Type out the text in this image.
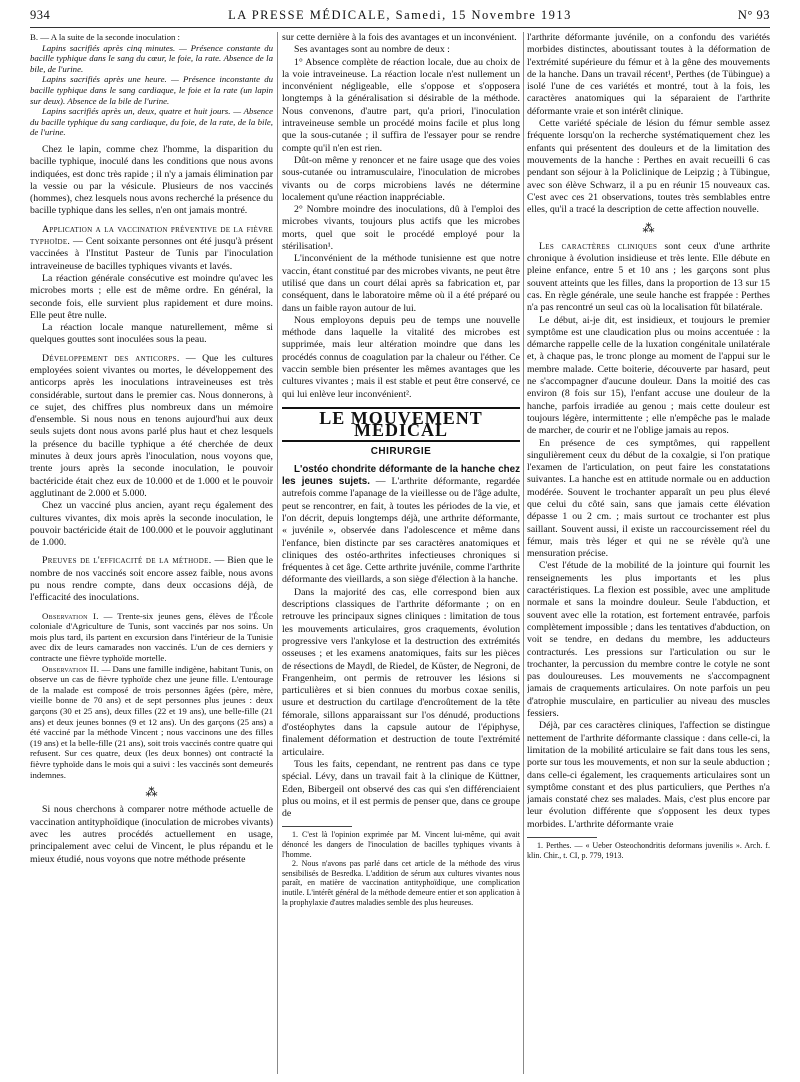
934	LA PRESSE MÉDICALE, Samedi, 15 Novembre 1913	N° 93

B. — A la suite de la seconde inoculation :

Lapins sacrifiés après cinq minutes. — Présence constante du bacille typhique dans le sang du cœur, le foie, la rate. Absence de la bile, de l'urine.

Lapins sacrifiés après une heure. — Présence inconstante du bacille typhique dans le sang cardiaque, le foie et la rate (un lapin sur deux). Absence de la bile de l'urine.

Lapins sacrifiés après un, deux, quatre et huit jours. — Absence du bacille typhique du sang cardiaque, du foie, de la rate, de la bile, de l'urine.

Chez le lapin, comme chez l'homme, la disparition du bacille typhique, inoculé dans les conditions que nous avons indiquées, est donc très rapide ; il n'y a jamais élimination par la vessie ou par la vésicule. Plusieurs de nos vaccinés (hommes), chez lesquels nous avons recherché la présence du bacille typhique dans les selles, n'en ont jamais montré.

Application a la vaccination préventive de la fièvre typhoïde. — Cent soixante personnes ont été jusqu'à présent vaccinées à l'Institut Pasteur de Tunis par l'inoculation intraveineuse de bacilles typhiques vivants et lavés.

La réaction générale consécutive est moindre qu'avec les microbes morts ; elle est de même ordre. En général, la seconde fois, elle survient plus rapidement et dure moins. Elle peut être nulle.

La réaction locale manque naturellement, même si quelques gouttes sont inoculées sous la peau.

Développement des anticorps. — Que les cultures employées soient vivantes ou mortes, le développement des anticorps après les inoculations intraveineuses est très considérable, surtout dans le premier cas. Nous donnerons, à ce sujet, des chiffres plus nombreux dans un mémoire d'ensemble. Si nous nous en tenons aujourd'hui aux deux seuls sujets dont nous avons parlé plus haut et chez lesquels la présence du bacille typhique a été cherchée de deux minutes à deux jours après l'inoculation, nous voyons que, trente jours après la seconde inoculation, le pouvoir bactéricide était chez eux de 10.000 et de 1.000 et le pouvoir agglutinant de 2.000 et 5.000.

Chez un vacciné plus ancien, ayant reçu également des cultures vivantes, dix mois après la seconde inoculation, le pouvoir bactéricide était de 100.000 et le pouvoir agglutinant de 1.000.

Preuves de l'efficacité de la méthode. — Bien que le nombre de nos vaccinés soit encore assez faible, nous avons pu nous rendre compte, dans deux occasions déjà, de l'efficacité des inoculations.

Observation I. — Trente-six jeunes gens, élèves de l'École coloniale d'Agriculture de Tunis, sont vaccinés par nos soins. Un mois plus tard, ils partent en excursion dans l'intérieur de la Tunisie avec dix de leurs camarades non vaccinés. L'un de ces derniers y contracte une fièvre typhoïde mortelle.

Observation II. — Dans une famille indigène, habitant Tunis, on observe un cas de fièvre typhoïde chez une jeune fille. L'entourage de la malade est composé de trois personnes âgées (père, mère, vieille bonne de 70 ans) et de sept personnes plus jeunes : deux garçons (30 et 25 ans), deux filles (22 et 19 ans), une belle-fille (21 ans) et deux jeunes bonnes (9 et 12 ans). Un des garçons (25 ans) a été vacciné par la méthode Vincent ; nous vaccinons une des filles (19 ans) et la belle-fille (21 ans), soit trois vaccinés contre quatre qui refusent. Sur ces quatre, deux (les deux bonnes) ont contracté la fièvre typhoïde dans le mois qui a suivi : les vaccinés sont demeurés indemnes.

⁂

Si nous cherchons à comparer notre méthode actuelle de vaccination antityphoïdique (inoculation de microbes vivants) avec les autres procédés actuellement en usage, principalement avec celui de Vincent, le plus répandu et le mieux étudié, nous voyons que notre méthode présente

sur cette dernière à la fois des avantages et un inconvénient.

Ses avantages sont au nombre de deux :

1° Absence complète de réaction locale, due au choix de la voie intraveineuse. La réaction locale n'est nullement un inconvénient négligeable, elle s'oppose et s'opposera longtemps à la généralisation si désirable de la méthode. Nous convenons, d'autre part, qu'a priori, l'inoculation intraveineuse semble un procédé moins facile et plus long que la sous-cutanée ; il suffira de l'essayer pour se rendre compte qu'il n'en est rien.

Dût-on même y renoncer et ne faire usage que des voies sous-cutanée ou intramusculaire, l'inoculation de microbes vivants ou de corps microbiens lavés ne détermine localement qu'une réaction inappréciable.

2° Nombre moindre des inoculations, dû à l'emploi des microbes vivants, toujours plus actifs que les microbes morts, quel que soit le procédé employé pour la stérilisation¹.

L'inconvénient de la méthode tunisienne est que notre vaccin, étant constitué par des microbes vivants, ne peut être utilisé que dans un court délai après sa fabrication et, par conséquent, dans le laboratoire même où il a été préparé ou dans un faible rayon autour de lui.

Nous employons depuis peu de temps une nouvelle méthode dans laquelle la vitalité des microbes est supprimée, mais leur altération moindre que dans les procédés connus de coagulation par la chaleur ou l'éther. Ce vaccin semble bien présenter les mêmes avantages que les cultures vivantes ; mais il est stable et peut être conservé, ce qui lui enlève leur inconvénient².

LE MOUVEMENT MÉDICAL
CHIRURGIE

L'ostéo chondrite déformante de la hanche chez les jeunes sujets. — L'arthrite déformante, regardée autrefois comme l'apanage de la vieillesse ou de l'âge adulte, peut se rencontrer, en fait, à toutes les périodes de la vie, et l'on décrit, depuis longtemps déjà, une arthrite déformante, « juvénile », observée dans l'adolescence et même dans l'enfance, bien distincte par ses caractères anatomiques et cliniques des ostéo-arthrites infectieuses chroniques si fréquentes à cet âge. Cette arthrite juvénile, comme l'arthrite déformante des vieillards, a son siège d'élection à la hanche.

Dans la majorité des cas, elle correspond bien aux descriptions classiques de l'arthrite déformante ; on en retrouve les principaux signes cliniques : limitation de tous les mouvements articulaires, gros craquements, évolution progressive vers l'ankylose et la destruction des extrémités osseuses ; et les examens anatomiques, faits sur les pièces de résections de Maydl, de Riedel, de Küster, de Negroni, de Frangenheim, ont permis de retrouver les lésions si particulières et si bien connues du morbus coxae senilis, usure et destruction du cartilage d'encroûtement de la tête fémorale, sillons apparaissant sur l'os dénudé, productions d'ostéophytes dans la capsule autour de l'épiphyse, finalement déformation et destruction de toute l'extrémité articulaire.

Tous les faits, cependant, ne rentrent pas dans ce type spécial. Lévy, dans un travail fait à la clinique de Küttner, Eden, Bibergeil ont observé des cas qui s'en différenciaient plus ou moins, et il est permis de penser que, dans ce groupe de

1. C'est là l'opinion exprimée par M. Vincent lui-même, qui avait dénoncé les dangers de l'inoculation de bacilles typhiques vivants à l'homme.

2. Nous n'avons pas parlé dans cet article de la méthode des virus sensibilisés de Besredka. L'addition de sérum aux cultures vivantes nous paraît, en matière de vaccination antityphoïdique, une complication inutile. L'intérêt général de la méthode demeure entier et son application à la prophylaxie d'autres maladies semble des plus heureuses.

l'arthrite déformante juvénile, on a confondu des variétés morbides distinctes, aboutissant toutes à la déformation de l'extrémité supérieure du fémur et à la gêne des mouvements de la hanche. Dans un travail récent¹, Perthes (de Tübingue) a isolé l'une de ces variétés et montré, tout à la fois, les caractères anatomiques qui la séparaient de l'arthrite déformante vraie et son intérêt clinique.

Cette variété spéciale de lésion du fémur semble assez fréquente lorsqu'on la recherche systématiquement chez les enfants qui présentent des douleurs et de la limitation des mouvements de la hanche : Perthes en avait recueilli 6 cas pendant son séjour à la Policlinique de Leipzig ; à Tübingue, avec son élève Schwarz, il a pu en réunir 15 nouveaux cas. C'est avec ces 21 observations, toutes très semblables entre elles, qu'il a tracé la description de cette affection nouvelle.

⁂

Les caractères cliniques sont ceux d'une arthrite chronique à évolution insidieuse et très lente. Elle débute en pleine enfance, entre 5 et 10 ans ; les garçons sont plus souvent atteints que les filles, dans la proportion de 13 sur 15 cas. En règle générale, une seule hanche est frappée : Perthes n'a pas rencontré un seul cas où la localisation fût bilatérale.

Le début, ai-je dit, est insidieux, et toujours le premier symptôme est une claudication plus ou moins accentuée : la démarche rappelle celle de la luxation congénitale unilatérale et, à chaque pas, le tronc plonge au moment de l'appui sur le membre malade. Cette boiterie, découverte par hasard, peut ne s'accompagner d'aucune douleur. Dans la moitié des cas environ (8 fois sur 15), l'enfant accuse une douleur de la hanche, parfois irradiée au genou ; mais cette douleur est toujours légère, intermittente ; elle n'empêche pas le malade de marcher, de courir et ne l'oblige jamais au repos.

En présence de ces symptômes, qui rappellent singulièrement ceux du début de la coxalgie, si l'on pratique l'examen de l'articulation, on peut faire les constatations suivantes. La hanche est en attitude normale ou en adduction modérée. Souvent le trochanter apparaît un peu plus élevé que celui du côté sain, sans que jamais cette élévation dépasse 1 ou 2 cm. ; mais surtout ce trochanter est plus saillant. Souvent aussi, il existe un raccourcissement réel du fémur, mais très léger et qui ne se révèle qu'à une mensuration précise.

C'est l'étude de la mobilité de la jointure qui fournit les renseignements les plus importants et les plus caractéristiques. La flexion est possible, avec une amplitude normale et sans la moindre douleur. Seule l'abduction, et souvent avec elle la rotation, est fortement entravée, parfois complètement impossible ; dans les tentatives d'abduction, on voit se tendre, en dedans du membre, les adducteurs contracturés. Les pressions sur l'articulation ou sur le trochanter, la percussion du membre contre le cotyle ne sont pas douloureuses. Les mouvements ne s'accompagnent jamais de craquements articulaires. On note parfois un peu d'atrophie musculaire, en particulier au niveau des muscles fessiers.

Déjà, par ces caractères cliniques, l'affection se distingue nettement de l'arthrite déformante classique : dans celle-ci, la limitation de la mobilité articulaire se fait dans tous les sens, porte sur tous les mouvements, et non sur la seule abduction ; dans celle-ci également, les craquements articulaires sont un symptôme constant et des plus particuliers, que Perthes n'a jamais constaté chez ses malades. Mais, c'est plus encore par leur évolution différente que s'opposent les deux types morbides. L'arthrite déformante vraie

1. Perthes. — « Ueber Osteochondritis deformans juvenilis ». Arch. f. klin. Chir., t. CI, p. 779, 1913.
